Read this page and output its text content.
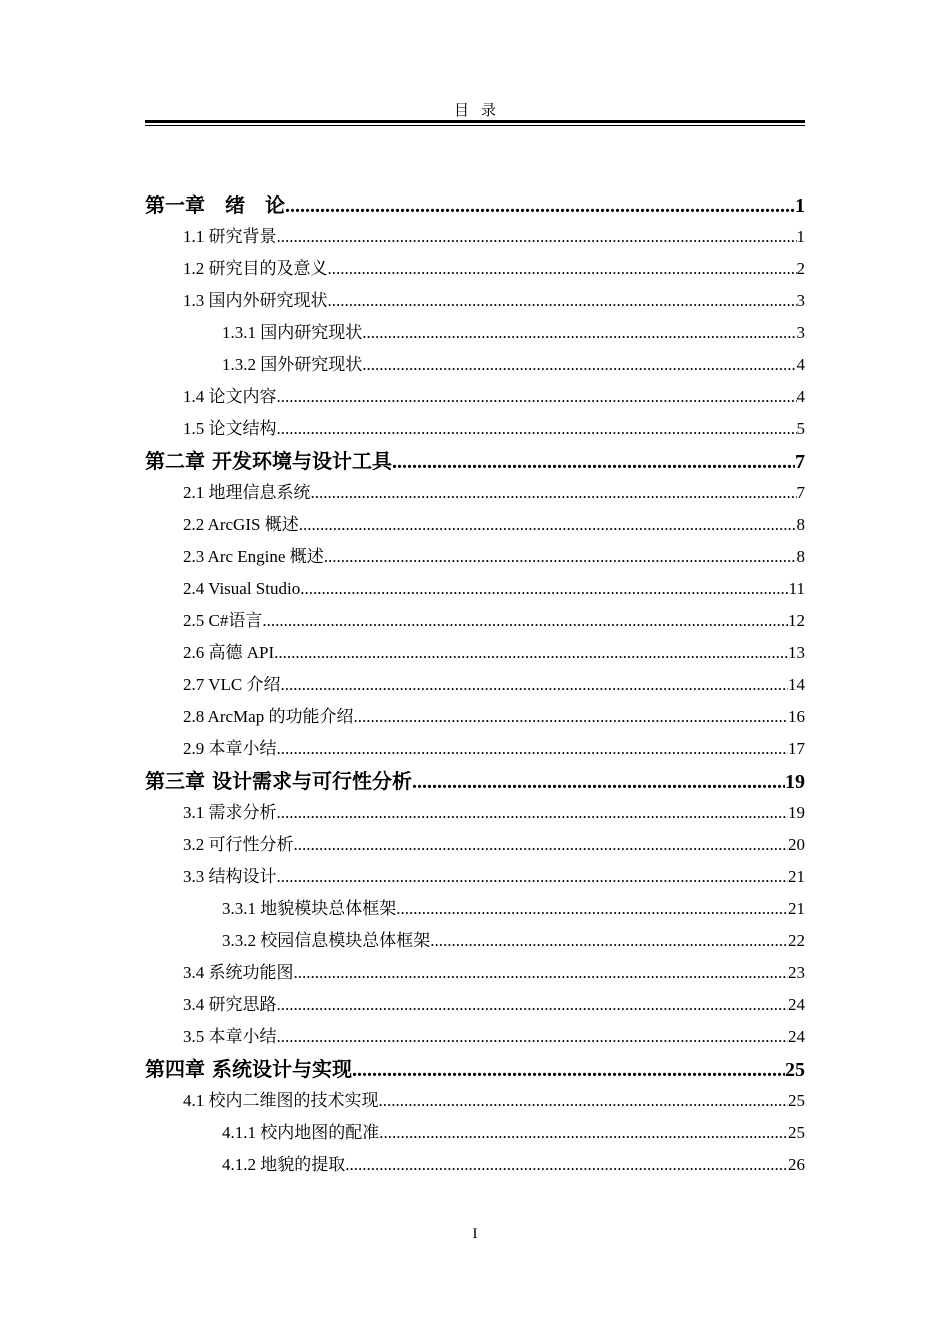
目录
第一章　绪　论 .....	1
1.1 研究背景 .....	1
1.2 研究目的及意义 .....	2
1.3 国内外研究现状 .....	3
1.3.1 国内研究现状 .....	3
1.3.2 国外研究现状 .....	4
1.4 论文内容 .....	4
1.5 论文结构 .....	5
第二章 开发环境与设计工具 .....	7
2.1 地理信息系统 .....	7
2.2 ArcGIS 概述 .....	8
2.3 Arc Engine 概述 .....	8
2.4 Visual Studio .....	11
2.5 C#语言 .....	12
2.6 高德 API .....	13
2.7 VLC 介绍 .....	14
2.8 ArcMap 的功能介绍 .....	16
2.9 本章小结 .....	17
第三章 设计需求与可行性分析 .....	19
3.1 需求分析 .....	19
3.2 可行性分析 .....	20
3.3 结构设计 .....	21
3.3.1 地貌模块总体框架 .....	21
3.3.2 校园信息模块总体框架 .....	22
3.4 系统功能图 .....	23
3.4 研究思路 .....	24
3.5 本章小结 .....	24
第四章 系统设计与实现 .....	25
4.1 校内二维图的技术实现 .....	25
4.1.1 校内地图的配准 .....	25
4.1.2 地貌的提取 .....	26
I
